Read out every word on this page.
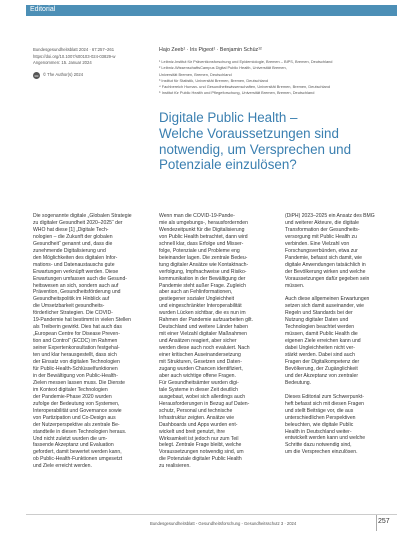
Editorial
Bundesgesundheitsblatt 2024 · 67:257–261
https://doi.org/10.1007/s00103-024-03829-w
Angenommen: 15. Januar 2024
cc	© The Author(s) 2024
Hajo Zeeb¹ · Iris Pigeot¹ · Benjamin Schüz¹²
¹ Leibniz-Institut für Präventionsforschung und Epidemiologie, Bremen – BIPS, Bremen, Deutschland
² Leibniz-WissenschaftsCampus Digital Public Health, Universität Bremen,
Universität Bremen, Bremen, Deutschland
³ Institut für Statistik, Universität Bremen, Bremen, Deutschland
⁴ Fachbereich Human- und Gesundheitswissenschaften, Universität Bremen, Bremen, Deutschland
⁵ Institut für Public Health und Pflegeforschung, Universität Bremen, Bremen, Deutschland
Digitale Public Health –
Welche Voraussetzungen sind
notwendig, um Versprechen und
Potenziale einzulösen?
Die sogenannte digitale „Globalen Strategie
zu digitaler Gesundheit 2020–2025“ der
WHO hat diese [1] „Digitale Tech-
nologien – die Zukunft der globalen
Gesundheit“ genannt und, dass die
zunehmende Digitalisierung und
den Möglichkeiten des digitalen Infor-
mations- und Datenaustauschs gute
Erwartungen verknüpft werden. Diese
Erwartungen umfassen auch die Gesund-
heitswesen an sich, sondern auch auf
Prävention, Gesundheitsförderung und
Gesundheitspolitik im Hinblick auf
die Umsetzbarkeit gesundheits-
förderlicher Strategien. Die COVID-
19-Pandemie hat bestimmt in vielen Stellen
als Treiberin gewirkt. Dies hat auch das
„European Centre for Disease Preven-
tion and Control“ (ECDC) im Rahmen
seiner Expertenkonsultation festgehal-
ten und klar herausgestellt, dass sich
der Einsatz von digitalen Technologien
für Public-Health-Schlüsselfunktionen
in der Bewältigung von Public-Health-
Zielen messen lassen muss. Die Dienste
im Kontext digitaler Technologien
der Pandemie-Phase 2020 wurden
zufolge der Bedeutung von Systemen,
Interoperabilität und Governance sowie
von Partizipation und Co-Design aus
der Nutzerperspektive als zentrale Be-
standteile in diesen Technologien heraus.
Und nicht zuletzt wurden die um-
fassende Akzeptanz und Evaluation
gefordert, damit bewertet werden kann,
ob Public-Health-Funktionen umgesetzt
und Ziele erreicht werden.
Wenn man die COVID-19-Pande-
mie als umgebungs-, herausfordernden
Wendezeitpunkt für die Digitalisierung
von Public Health betrachtet, dann wird
schnell klar, dass Erfolge und Misser-
folge, Potenziale und Probleme eng
beieinander lagen. Die zentrale Bedeu-
tung digitaler Ansätze wie Kontaktnach-
verfolgung, Impfnachweise und Risiko-
kommunikation in der Bewältigung der
Pandemie steht außer Frage. Zugleich
aber auch an Fehlinformationen,
gestiegener sozialer Ungleichheit
und eingeschränkter Interoperabilität
wurden Lücken sichtbar, die es nun im
Rahmen der Pandemie aufzuarbeiten gilt.
Deutschland und weitere Länder haben
mit einer Vielzahl digitaler Maßnahmen
und Ansätzen reagiert, aber sicher
werden diese auch noch evaluiert. Nach
einer kritischen Auseinandersetzung
mit Strukturen, Gesetzen und Daten-
zugang wurden Chancen identifiziert,
aber auch wichtige offene Fragen.
Für Gesundheitsämter wurden digi-
tale Systeme in dieser Zeit deutlich
ausgebaut, wobei sich allerdings auch
Herausforderungen in Bezug auf Daten-
schutz, Personal und technische
Infrastruktur zeigten. Ansätze wie
Dashboards und Apps wurden ent-
wickelt und breit genutzt, ihre
Wirksamkeit ist jedoch nur zum Teil
belegt. Zentrale Frage bleibt, welche
Voraussetzungen notwendig sind, um
die Potenziale digitaler Public Health
zu realisieren.
(DiPH) 2023–2025 ein Ansatz des BMG
und weiterer Akteure, die digitale
Transformation der Gesundheits-
versorgung mit Public Health zu
verbinden. Eine Vielzahl von
Forschungsverbünden, etwa zur
Pandemie, befasst sich damit, wie
digitale Anwendungen tatsächlich in
der Bevölkerung wirken und welche
Voraussetzungen dafür gegeben sein
müssen.
Auch diese allgemeinen Erwartungen
setzen sich damit auseinander, wie
Regeln und Standards bei der
Nutzung digitaler Daten und
Technologien beachtet werden
müssen, damit Public Health die
eigenen Ziele erreichen kann und
dabei Ungleichheiten nicht ver-
stärkt werden. Dabei sind auch
Fragen der Digitalkompetenz der
Bevölkerung, der Zugänglichkeit
und der Akzeptanz von zentraler
Bedeutung.
Dieses Editorial zum Schwerpunkt-
heft befasst sich mit diesen Fragen
und stellt Beiträge vor, die aus
unterschiedlichen Perspektiven
beleuchten, wie digitale Public
Health in Deutschland weiter-
entwickelt werden kann und welche
Schritte dazu notwendig sind,
um die Versprechen einzulösen.
Bundesgesundheitsblatt - Gesundheitsforschung - Gesundheitsschutz 3 · 2024	257
